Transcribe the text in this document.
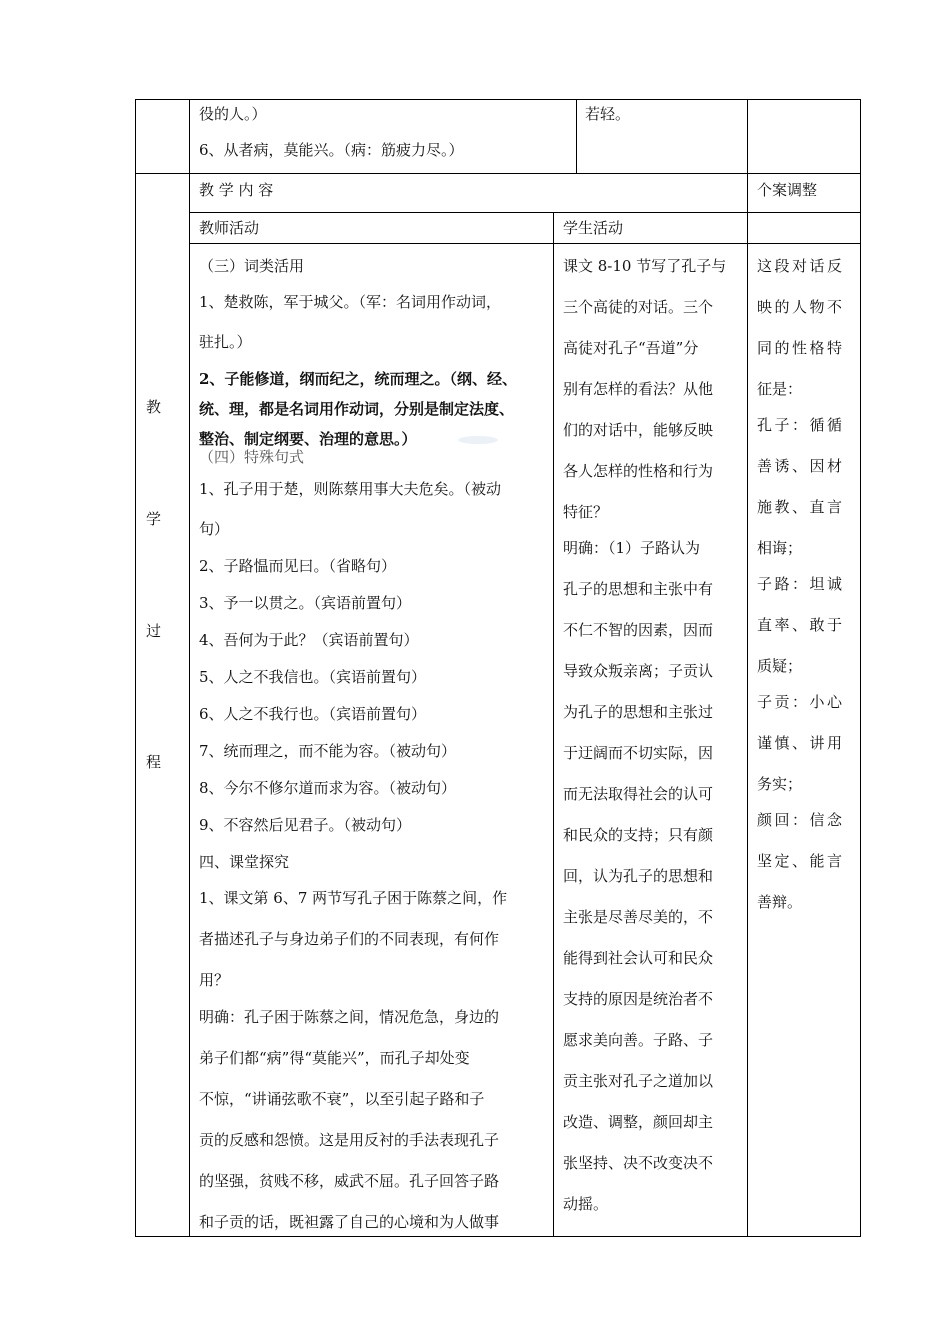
役的人。）
6、从者病，莫能兴。（病：筋疲力尽。）
若轻。
教 学 内 容	个案调整
教师活动	学生活动
教
学
过
程
（三）词类活用
1、楚救陈，军于城父。（军：名词用作动词，
驻扎。）
2、子能修道，纲而纪之，统而理之。（纲、经、
统、理，都是名词用作动词，分别是制定法度、
整治、制定纲要、治理的意思。）
（四）特殊句式
1、孔子用于楚，则陈蔡用事大夫危矣。（被动
句）
2、子路愠而见曰。（省略句）
3、予一以贯之。（宾语前置句）
4、吾何为于此？（宾语前置句）
5、人之不我信也。（宾语前置句）
6、人之不我行也。（宾语前置句）
7、统而理之，而不能为容。（被动句）
8、今尔不修尔道而求为容。（被动句）
9、不容然后见君子。（被动句）
四、课堂探究
1、课文第 6、7 两节写孔子困于陈蔡之间，作
者描述孔子与身边弟子们的不同表现，有何作
用？
明确：孔子困于陈蔡之间，情况危急，身边的
弟子们都“病”得“莫能兴”，而孔子却处变
不惊，“讲诵弦歌不衰”，以至引起子路和子
贡的反感和怨愤。这是用反衬的手法表现孔子
的坚强，贫贱不移，威武不屈。孔子回答子路
和子贡的话，既袒露了自己的心境和为人做事
课文 8-10 节写了孔子与
三个高徒的对话。三个
高徒对孔子“吾道”分
别有怎样的看法？从他
们的对话中，能够反映
各人怎样的性格和行为
特征？
明确：（1）子路认为
孔子的思想和主张中有
不仁不智的因素，因而
导致众叛亲离；子贡认
为孔子的思想和主张过
于迂阔而不切实际，因
而无法取得社会的认可
和民众的支持；只有颜
回，认为孔子的思想和
主张是尽善尽美的，不
能得到社会认可和民众
支持的原因是统治者不
愿求美向善。子路、子
贡主张对孔子之道加以
改造、调整，颜回却主
张坚持、决不改变决不
动摇。
这段对话反
映的人物不
同的性格特
征是：
孔子：循循
善诱、因材
施教、直言
相诲；
子路：坦诚
直率、敢于
质疑；
子贡：小心
谨慎、讲用
务实；
颜回：信念
坚定、能言
善辩。
